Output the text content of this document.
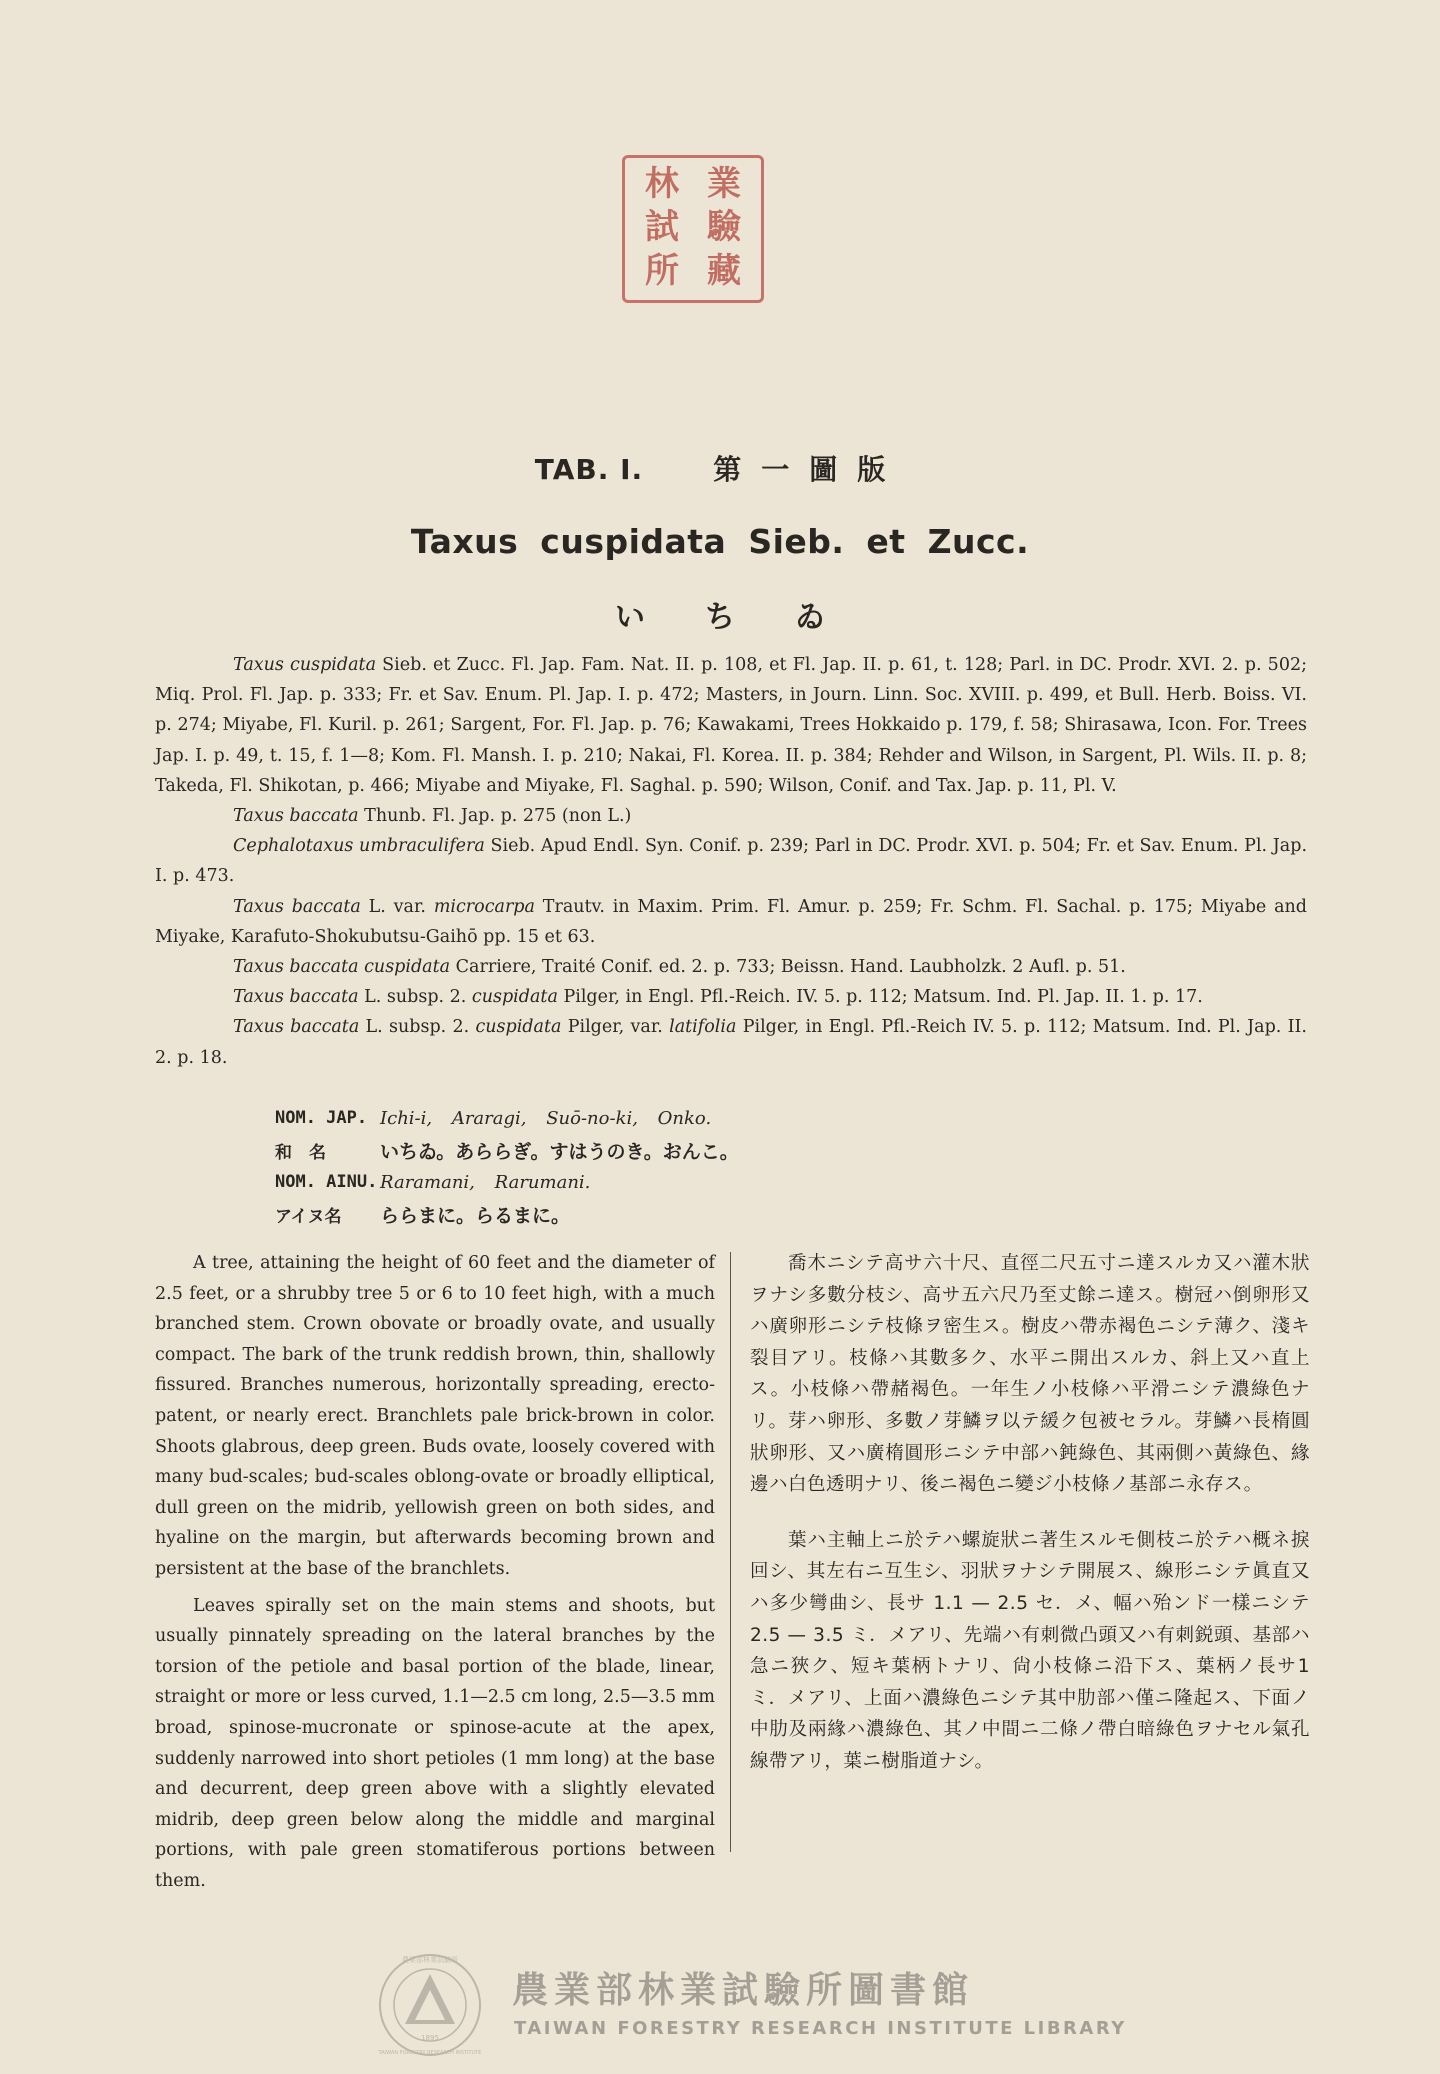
林 業
試 驗
所 藏
TAB. I.	第一圖版
Taxus cuspidata Sieb. et Zucc.
いちゐ

Taxus cuspidata Sieb. et Zucc. Fl. Jap. Fam. Nat. II. p. 108, et Fl. Jap. II. p. 61, t. 128; Parl. in DC. Prodr. XVI. 2. p. 502; Miq. Prol. Fl. Jap. p. 333; Fr. et Sav. Enum. Pl. Jap. I. p. 472; Masters, in Journ. Linn. Soc. XVIII. p. 499, et Bull. Herb. Boiss. VI. p. 274; Miyabe, Fl. Kuril. p. 261; Sargent, For. Fl. Jap. p. 76; Kawakami, Trees Hokkaido p. 179, f. 58; Shirasawa, Icon. For. Trees Jap. I. p. 49, t. 15, f. 1—8; Kom. Fl. Mansh. I. p. 210; Nakai, Fl. Korea. II. p. 384; Rehder and Wilson, in Sargent, Pl. Wils. II. p. 8; Takeda, Fl. Shikotan, p. 466; Miyabe and Miyake, Fl. Saghal. p. 590; Wilson, Conif. and Tax. Jap. p. 11, Pl. V.

Taxus baccata Thunb. Fl. Jap. p. 275 (non L.)

Cephalotaxus umbraculifera Sieb. Apud Endl. Syn. Conif. p. 239; Parl in DC. Prodr. XVI. p. 504; Fr. et Sav. Enum. Pl. Jap. I. p. 473.

Taxus baccata L. var. microcarpa Trautv. in Maxim. Prim. Fl. Amur. p. 259; Fr. Schm. Fl. Sachal. p. 175; Miyabe and Miyake, Karafuto-Shokubutsu-Gaihō pp. 15 et 63.

Taxus baccata cuspidata Carriere, Traité Conif. ed. 2. p. 733; Beissn. Hand. Laubholzk. 2 Aufl. p. 51.

Taxus baccata L. subsp. 2. cuspidata Pilger, in Engl. Pfl.-Reich. IV. 5. p. 112; Matsum. Ind. Pl. Jap. II. 1. p. 17.

Taxus baccata L. subsp. 2. cuspidata Pilger, var. latifolia Pilger, in Engl. Pfl.-Reich IV. 5. p. 112; Matsum. Ind. Pl. Jap. II. 2. p. 18.

NOM. JAP. Ichi-i, Araragi, Suō-no-ki, Onko.
和　名	いちゐ。あららぎ。すはうのき。おんこ。
NOM. AINU. Raramani, Rarumani.
アイヌ名	ららまに。らるまに。

A tree, attaining the height of 60 feet and the diameter of 2.5 feet, or a shrubby tree 5 or 6 to 10 feet high, with a much branched stem. Crown obovate or broadly ovate, and usually compact. The bark of the trunk reddish brown, thin, shallowly fissured. Branches numerous, horizontally spreading, erecto-patent, or nearly erect. Branchlets pale brick-brown in color. Shoots glabrous, deep green. Buds ovate, loosely covered with many bud-scales; bud-scales oblong-ovate or broadly elliptical, dull green on the midrib, yellowish green on both sides, and hyaline on the margin, but afterwards becoming brown and persistent at the base of the branchlets.

Leaves spirally set on the main stems and shoots, but usually pinnately spreading on the lateral branches by the torsion of the petiole and basal portion of the blade, linear, straight or more or less curved, 1.1—2.5 cm long, 2.5—3.5 mm broad, spinose-mucronate or spinose-acute at the apex, suddenly narrowed into short petioles (1 mm long) at the base and decurrent, deep green above with a slightly elevated midrib, deep green below along the middle and marginal portions, with pale green stomatiferous portions between them.

喬木ニシテ高サ六十尺、直徑二尺五寸ニ達スルカ又ハ灌木狀ヲナシ多數分枝シ、高サ五六尺乃至丈餘ニ達ス。樹冠ハ倒卵形又ハ廣卵形ニシテ枝條ヲ密生ス。樹皮ハ帶赤褐色ニシテ薄ク、淺キ裂目アリ。枝條ハ其數多ク、水平ニ開出スルカ、斜上又ハ直上ス。小枝條ハ帶赭褐色。一年生ノ小枝條ハ平滑ニシテ濃綠色ナリ。芽ハ卵形、多數ノ芽鱗ヲ以テ緩ク包被セラル。芽鱗ハ長楕圓狀卵形、又ハ廣楕圓形ニシテ中部ハ鈍綠色、其兩側ハ黃綠色、緣邊ハ白色透明ナリ、後ニ褐色ニ變ジ小枝條ノ基部ニ永存ス。

葉ハ主軸上ニ於テハ螺旋狀ニ著生スルモ側枝ニ於テハ概ネ捩回シ、其左右ニ互生シ、羽狀ヲナシテ開展ス、線形ニシテ眞直又ハ多少彎曲シ、長サ 1.1 — 2.5 セ．メ、幅ハ殆ンド一樣ニシテ 2.5 — 3.5 ミ．メアリ、先端ハ有刺微凸頭又ハ有刺鋭頭、基部ハ急ニ狹ク、短キ葉柄トナリ、尙小枝條ニ沿下ス、葉柄ノ長サ1ミ．メアリ、上面ハ濃綠色ニシテ其中肋部ハ僅ニ隆起ス、下面ノ中肋及兩緣ハ濃綠色、其ノ中間ニ二條ノ帶白暗綠色ヲナセル氣孔線帶アリ，葉ニ樹脂道ナシ。

農業部林業試驗所
TAIWAN FORESTRY RESEARCH INSTITUTE
1895
農業部林業試驗所圖書館
TAIWAN FORESTRY RESEARCH INSTITUTE LIBRARY
